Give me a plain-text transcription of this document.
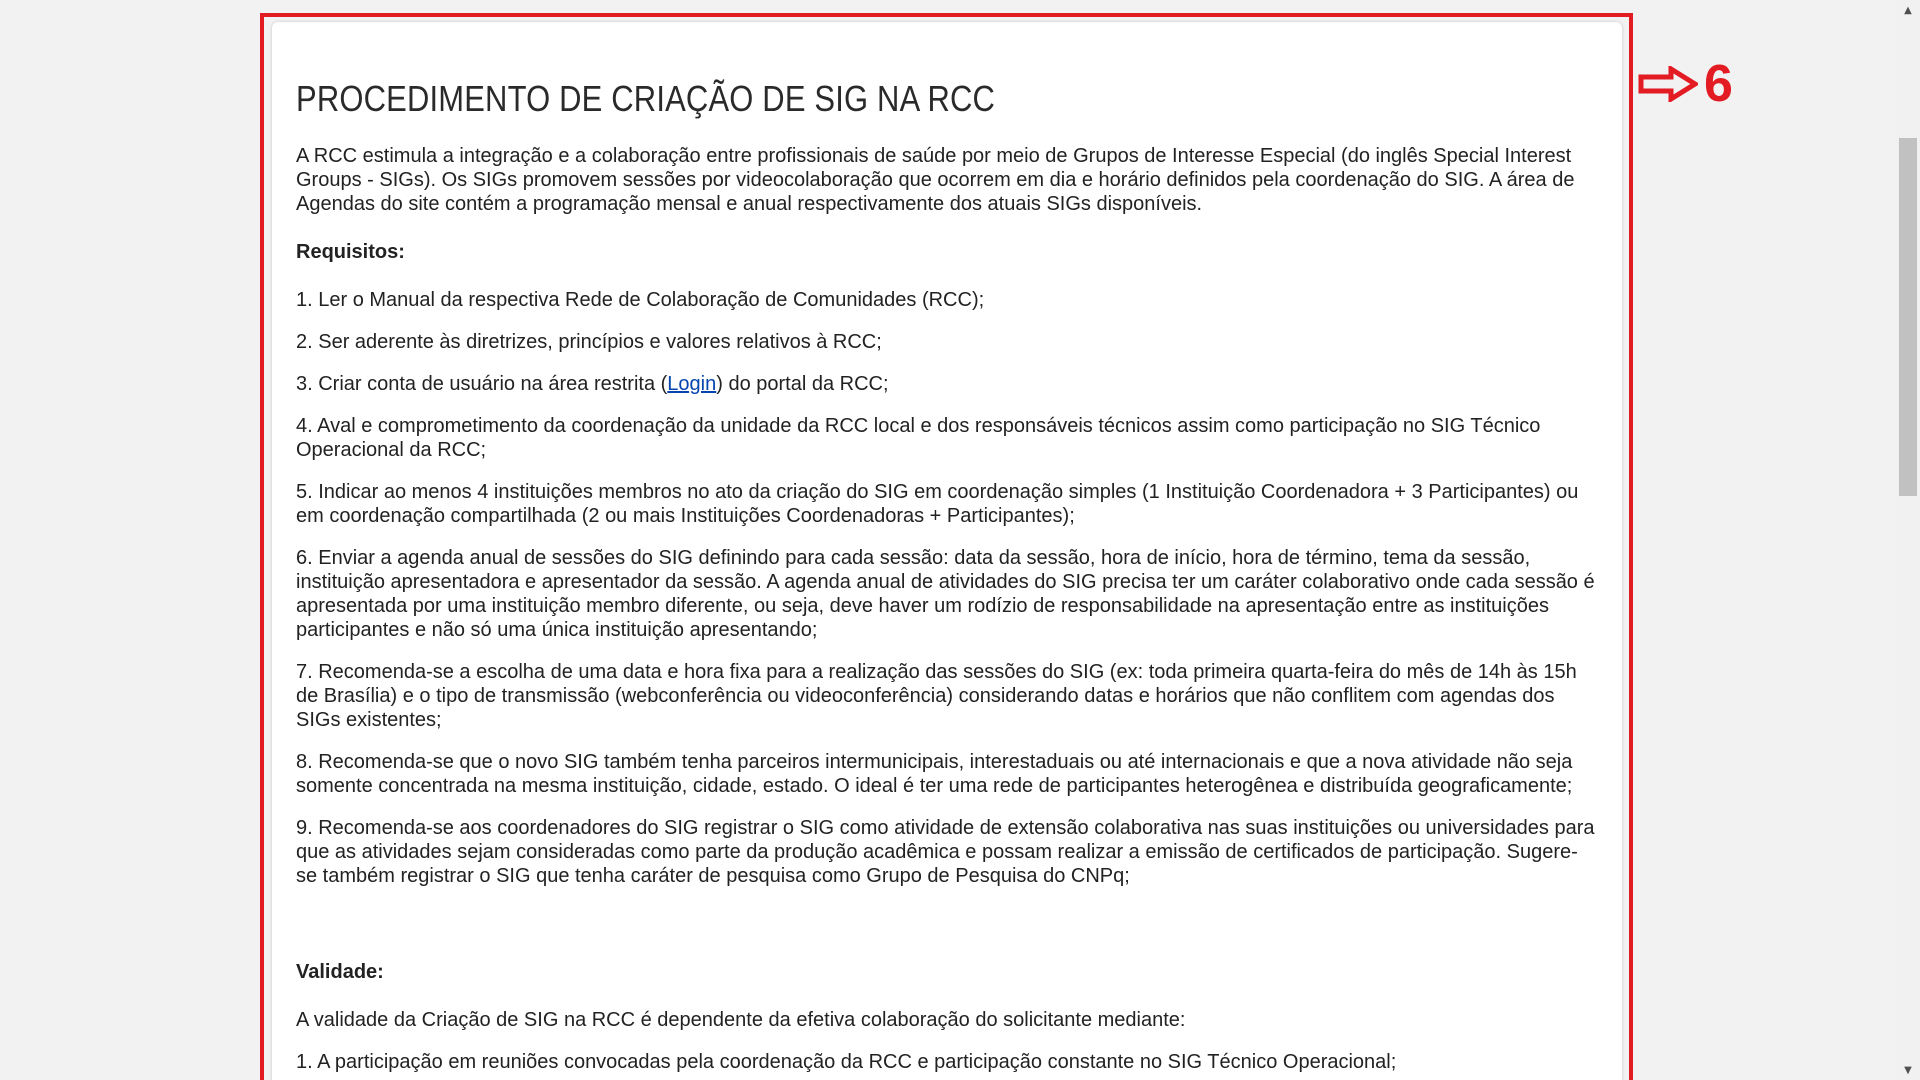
PROCEDIMENTO DE CRIAÇÃO DE SIG NA RCC

A RCC estimula a integração e a colaboração entre profissionais de saúde por meio de Grupos de Interesse Especial (do inglês Special Interest Groups - SIGs). Os SIGs promovem sessões por videocolaboração que ocorrem em dia e horário definidos pela coordenação do SIG. A área de Agendas do site contém a programação mensal e anual respectivamente dos atuais SIGs disponíveis.

Requisitos:

1. Ler o Manual da respectiva Rede de Colaboração de Comunidades (RCC);

2. Ser aderente às diretrizes, princípios e valores relativos à RCC;

3. Criar conta de usuário na área restrita (Login) do portal da RCC;

4. Aval e comprometimento da coordenação da unidade da RCC local e dos responsáveis técnicos assim como participação no SIG Técnico Operacional da RCC;

5. Indicar ao menos 4 instituições membros no ato da criação do SIG em coordenação simples (1 Instituição Coordenadora + 3 Participantes) ou em coordenação compartilhada (2 ou mais Instituições Coordenadoras + Participantes);

6. Enviar a agenda anual de sessões do SIG definindo para cada sessão: data da sessão, hora de início, hora de término, tema da sessão, instituição apresentadora e apresentador da sessão. A agenda anual de atividades do SIG precisa ter um caráter colaborativo onde cada sessão é apresentada por uma instituição membro diferente, ou seja, deve haver um rodízio de responsabilidade na apresentação entre as instituições participantes e não só uma única instituição apresentando;

7. Recomenda-se a escolha de uma data e hora fixa para a realização das sessões do SIG (ex: toda primeira quarta-feira do mês de 14h às 15h de Brasília) e o tipo de transmissão (webconferência ou videoconferência) considerando datas e horários que não conflitem com agendas dos SIGs existentes;

8. Recomenda-se que o novo SIG também tenha parceiros intermunicipais, interestaduais ou até internacionais e que a nova atividade não seja somente concentrada na mesma instituição, cidade, estado. O ideal é ter uma rede de participantes heterogênea e distribuída geograficamente;

9. Recomenda-se aos coordenadores do SIG registrar o SIG como atividade de extensão colaborativa nas suas instituições ou universidades para que as atividades sejam consideradas como parte da produção acadêmica e possam realizar a emissão de certificados de participação. Sugere-se também registrar o SIG que tenha caráter de pesquisa como Grupo de Pesquisa do CNPq;

Validade:

A validade da Criação de SIG na RCC é dependente da efetiva colaboração do solicitante mediante:

1. A participação em reuniões convocadas pela coordenação da RCC e participação constante no SIG Técnico Operacional;

6
▲
▼
